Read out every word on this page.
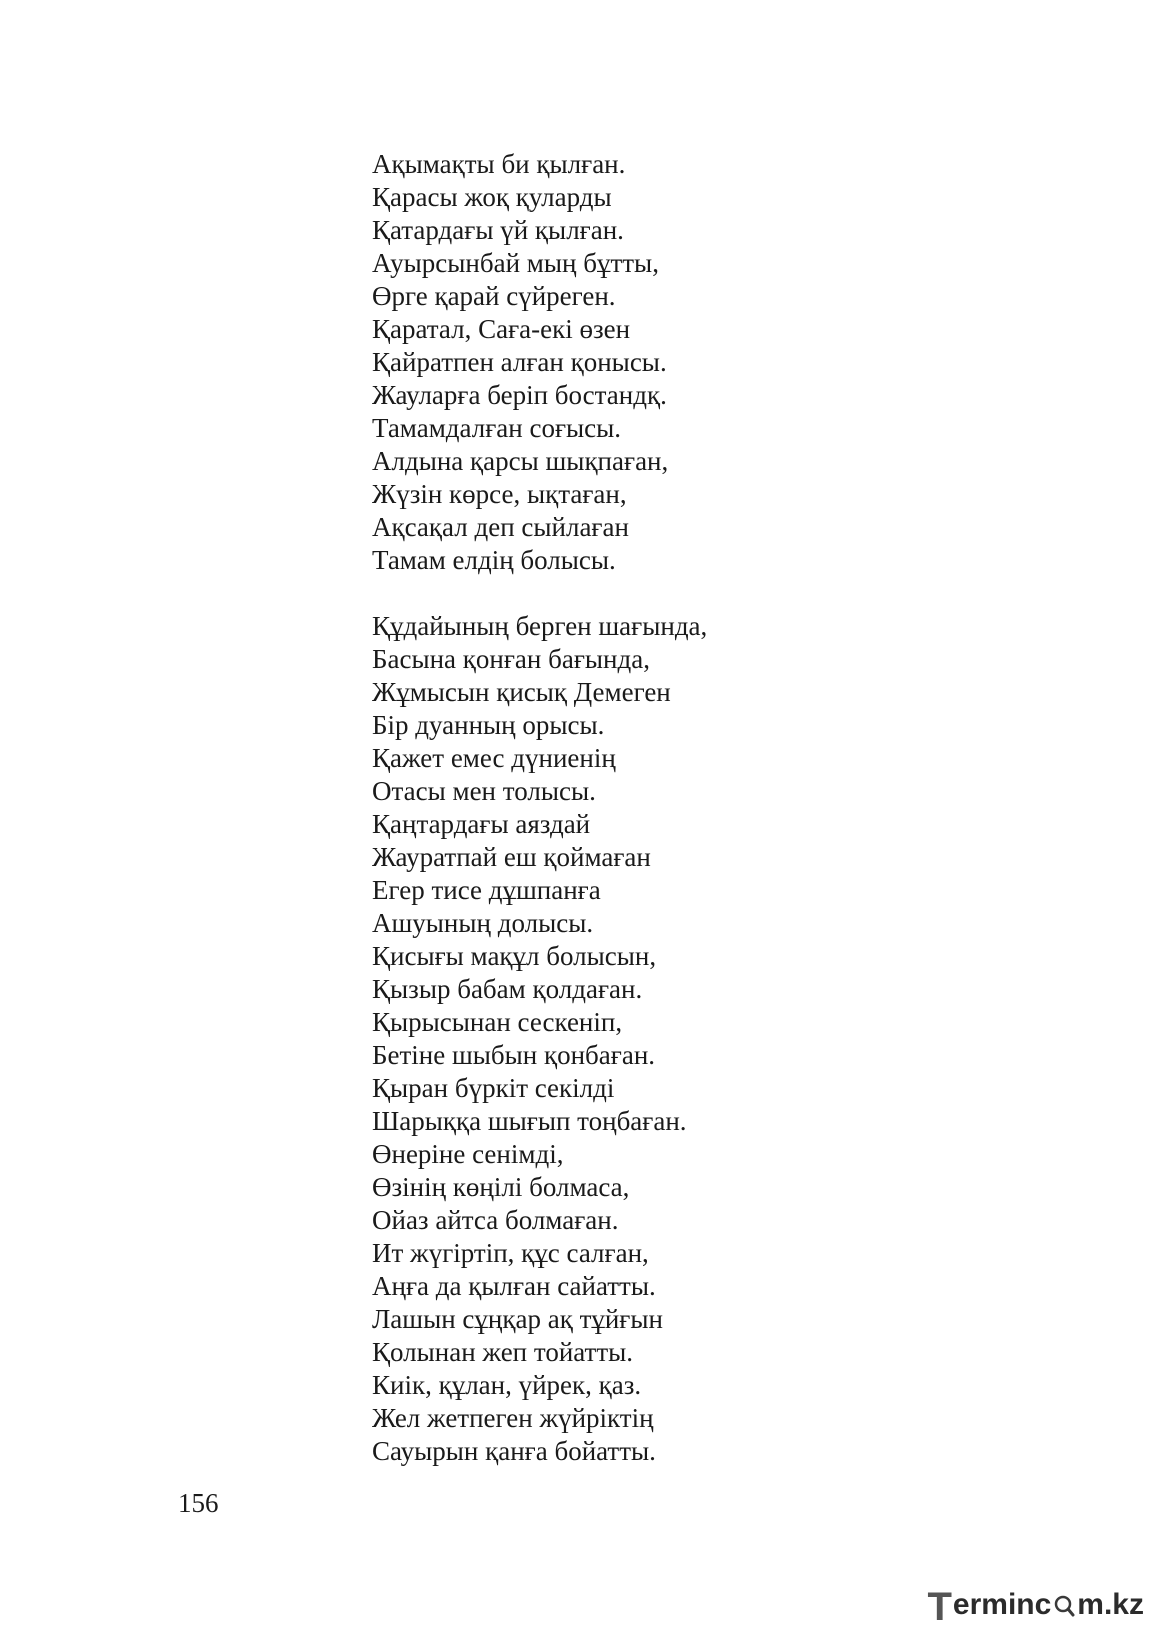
Ақымақты би қылған.
Қарасы жоқ қуларды
Қатардағы үй қылған.
Ауырсынбай мың бұтты,
Өрге қарай сүйреген.
Қаратал, Саға-екі өзен
Қайратпен алған қонысы.
Жауларға беріп бостандқ.
Тамамдалған соғысы.
Алдына қарсы шықпаған,
Жүзін көрсе, ықтаған,
Ақсақал деп сыйлаған
Тамам елдің болысы.
Құдайының берген шағында,
Басына қонған бағында,
Жұмысын қисық Демеген
Бір дуанның орысы.
Қажет емес дүниенің
Отасы мен толысы.
Қаңтардағы аяздай
Жауратпай еш қоймаған
Егер тисе дұшпанға
Ашуының долысы.
Қисығы мақұл болысын,
Қызыр бабам қолдаған.
Қырысынан сескеніп,
Бетіне шыбын қонбаған.
Қыран бүркіт секілді
Шарыққа шығып тоңбаған.
Өнеріне сенімді,
Өзінің көңілі болмаса,
Ойаз айтса болмаған.
Ит жүгіртіп, құс салған,
Аңға да қылған сайатты.
Лашын сұңқар ақ тұйғын
Қолынан жеп тойатты.
Киік, құлан, үйрек, қаз.
Жел жетпеген жүйріктің
Сауырын қанға бойатты.
156
T erminc m.kz
